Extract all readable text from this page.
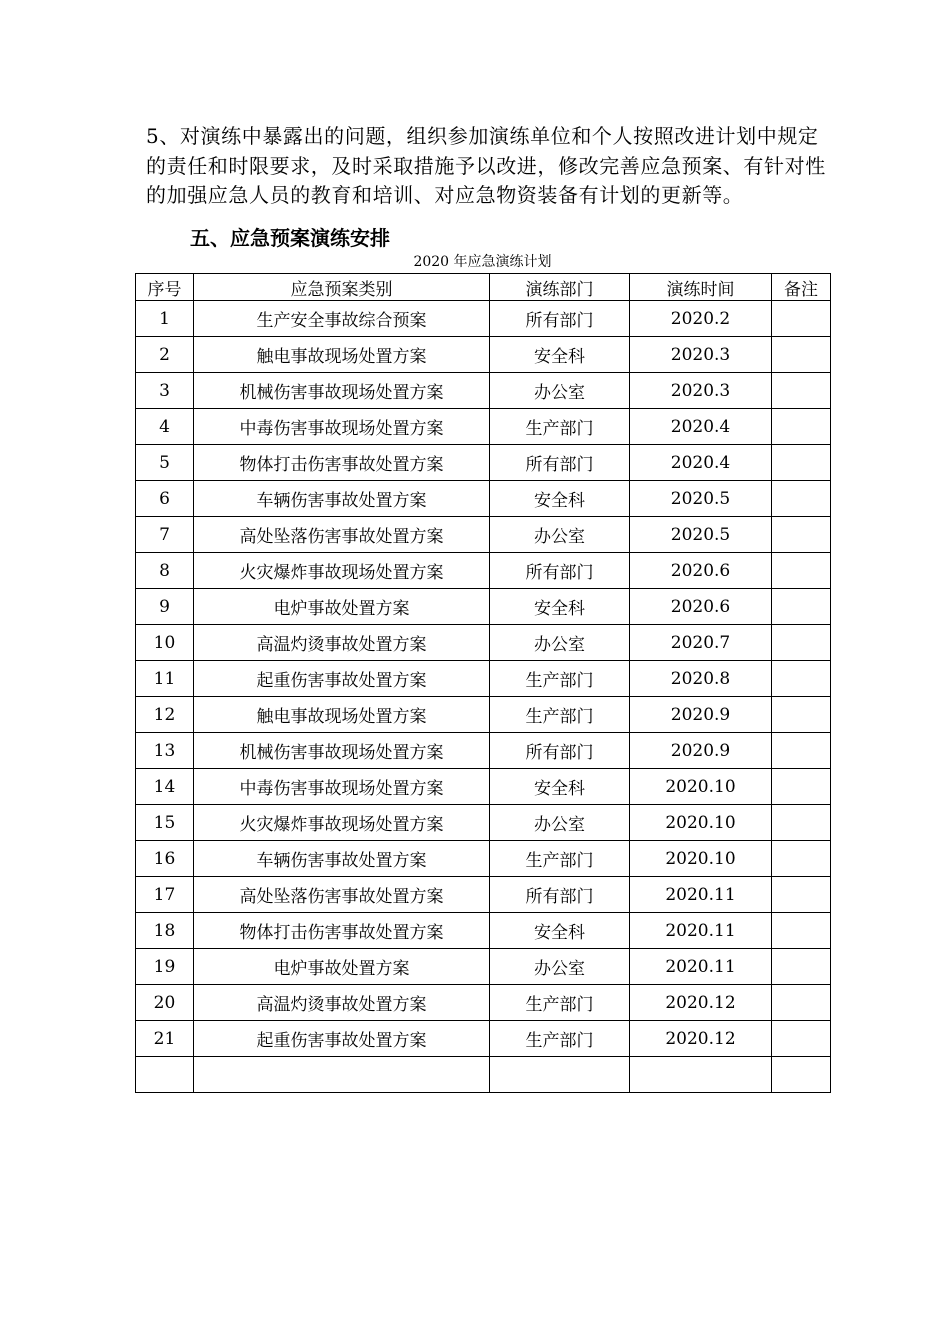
5、对演练中暴露出的问题，组织参加演练单位和个人按照改进计划中规定的责任和时限要求，及时采取措施予以改进，修改完善应急预案、有针对性的加强应急人员的教育和培训、对应急物资装备有计划的更新等。

五、应急预案演练安排
2020 年应急演练计划
序号	应急预案类别	演练部门	演练时间	备注
1	生产安全事故综合预案	所有部门	2020.2	
2	触电事故现场处置方案	安全科	2020.3	
3	机械伤害事故现场处置方案	办公室	2020.3	
4	中毒伤害事故现场处置方案	生产部门	2020.4	
5	物体打击伤害事故处置方案	所有部门	2020.4	
6	车辆伤害事故处置方案	安全科	2020.5	
7	高处坠落伤害事故处置方案	办公室	2020.5	
8	火灾爆炸事故现场处置方案	所有部门	2020.6	
9	电炉事故处置方案	安全科	2020.6	
10	高温灼烫事故处置方案	办公室	2020.7	
11	起重伤害事故处置方案	生产部门	2020.8	
12	触电事故现场处置方案	生产部门	2020.9	
13	机械伤害事故现场处置方案	所有部门	2020.9	
14	中毒伤害事故现场处置方案	安全科	2020.10	
15	火灾爆炸事故现场处置方案	办公室	2020.10	
16	车辆伤害事故处置方案	生产部门	2020.10	
17	高处坠落伤害事故处置方案	所有部门	2020.11	
18	物体打击伤害事故处置方案	安全科	2020.11	
19	电炉事故处置方案	办公室	2020.11	
20	高温灼烫事故处置方案	生产部门	2020.12	
21	起重伤害事故处置方案	生产部门	2020.12	
